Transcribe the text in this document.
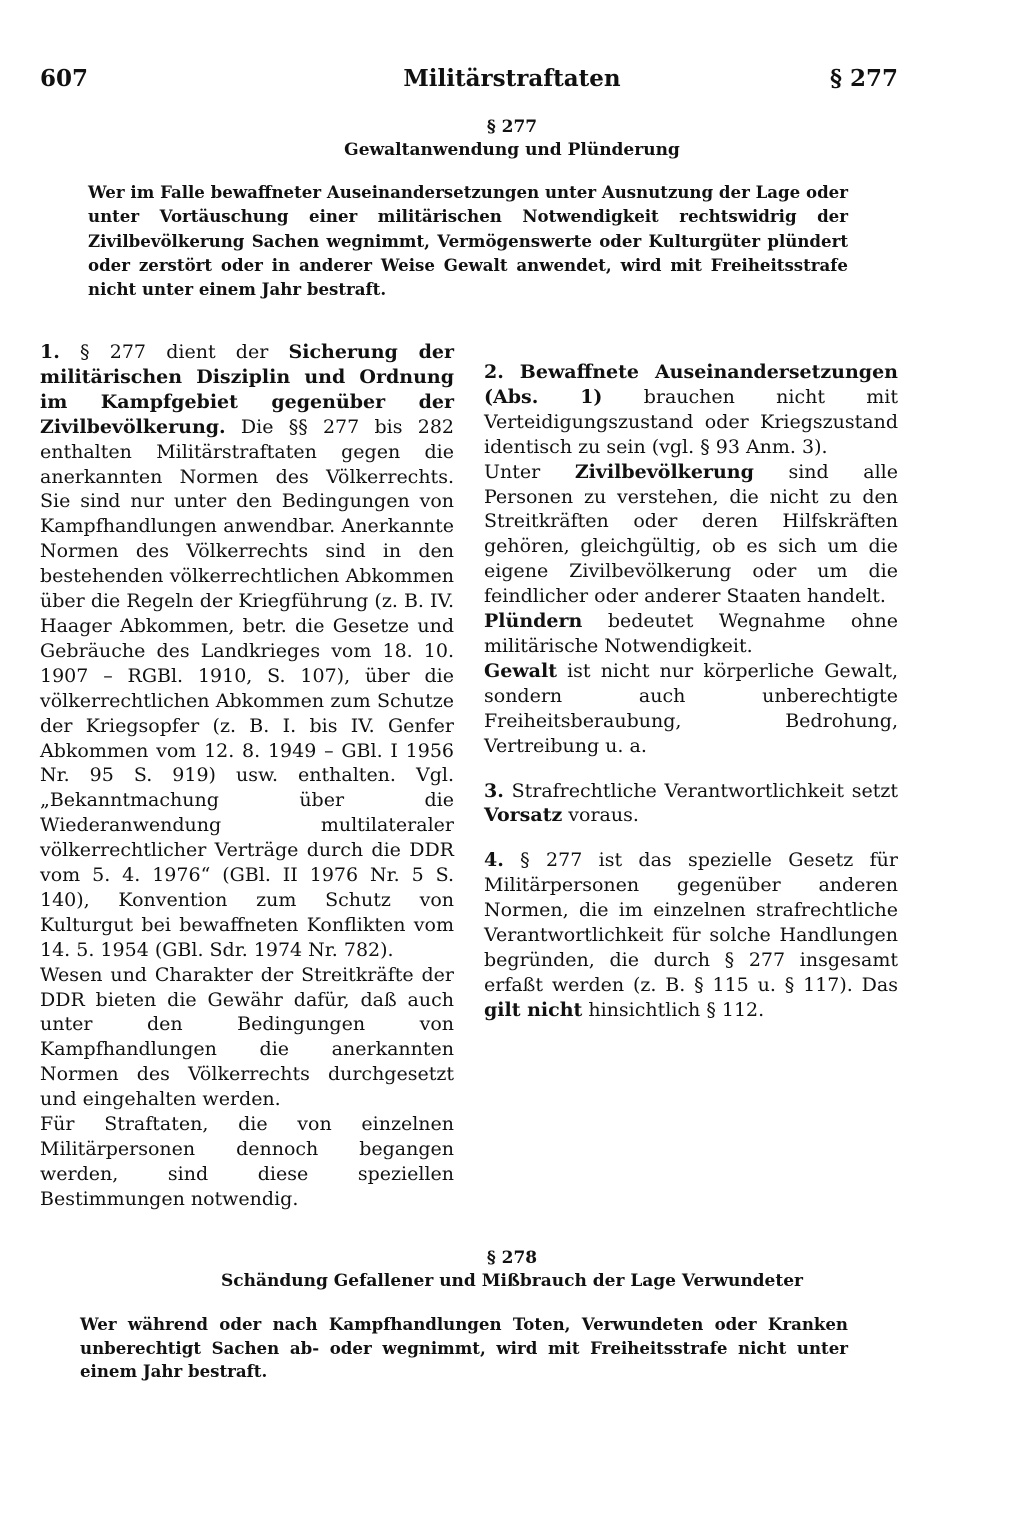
607	Militärstraftaten	§ 277
§ 277
Gewaltanwendung und Plünderung
Wer im Falle bewaffneter Auseinandersetzungen unter Ausnutzung der Lage oder unter Vortäuschung einer militärischen Notwendigkeit rechtswidrig der Zivilbevölkerung Sachen wegnimmt, Vermögenswerte oder Kulturgüter plündert oder zerstört oder in anderer Weise Gewalt anwendet, wird mit Freiheitsstrafe nicht unter einem Jahr bestraft.

1. § 277 dient der Sicherung der militärischen Disziplin und Ordnung im Kampfgebiet gegenüber der Zivilbevölkerung. Die §§ 277 bis 282 enthalten Militärstraftaten gegen die anerkannten Normen des Völkerrechts. Sie sind nur unter den Bedingungen von Kampfhandlungen anwendbar. Anerkannte Normen des Völkerrechts sind in den bestehenden völkerrechtlichen Abkommen über die Regeln der Kriegführung (z. B. IV. Haager Abkommen, betr. die Gesetze und Gebräuche des Landkrieges vom 18. 10. 1907 – RGBl. 1910, S. 107), über die völkerrechtlichen Abkommen zum Schutze der Kriegsopfer (z. B. I. bis IV. Genfer Abkommen vom 12. 8. 1949 – GBl. I 1956 Nr. 95 S. 919) usw. enthalten. Vgl. „Bekanntmachung über die Wiederanwendung multilateraler völkerrechtlicher Verträge durch die DDR vom 5. 4. 1976“ (GBl. II 1976 Nr. 5 S. 140), Konvention zum Schutz von Kulturgut bei bewaffneten Konflikten vom 14. 5. 1954 (GBl. Sdr. 1974 Nr. 782).

Wesen und Charakter der Streitkräfte der DDR bieten die Gewähr dafür, daß auch unter den Bedingungen von Kampfhandlungen die anerkannten Normen des Völkerrechts durchgesetzt und eingehalten werden.

Für Straftaten, die von einzelnen Militärpersonen dennoch begangen werden, sind diese speziellen Bestimmungen notwendig.

2. Bewaffnete Auseinandersetzungen (Abs. 1) brauchen nicht mit Verteidigungszustand oder Kriegszustand identisch zu sein (vgl. § 93 Anm. 3).

Unter Zivilbevölkerung sind alle Personen zu verstehen, die nicht zu den Streitkräften oder deren Hilfskräften gehören, gleichgültig, ob es sich um die eigene Zivilbevölkerung oder um die feindlicher oder anderer Staaten handelt.

Plündern bedeutet Wegnahme ohne militärische Notwendigkeit.

Gewalt ist nicht nur körperliche Gewalt, sondern auch unberechtigte Freiheitsberaubung, Bedrohung, Vertreibung u. a.

3. Strafrechtliche Verantwortlichkeit setzt Vorsatz voraus.

4. § 277 ist das spezielle Gesetz für Militärpersonen gegenüber anderen Normen, die im einzelnen strafrechtliche Verantwortlichkeit für solche Handlungen begründen, die durch § 277 insgesamt erfaßt werden (z. B. § 115 u. § 117). Das gilt nicht hinsichtlich § 112.

§ 278
Schändung Gefallener und Mißbrauch der Lage Verwundeter
Wer während oder nach Kampfhandlungen Toten, Verwundeten oder Kranken unberechtigt Sachen ab- oder wegnimmt, wird mit Freiheitsstrafe nicht unter einem Jahr bestraft.
